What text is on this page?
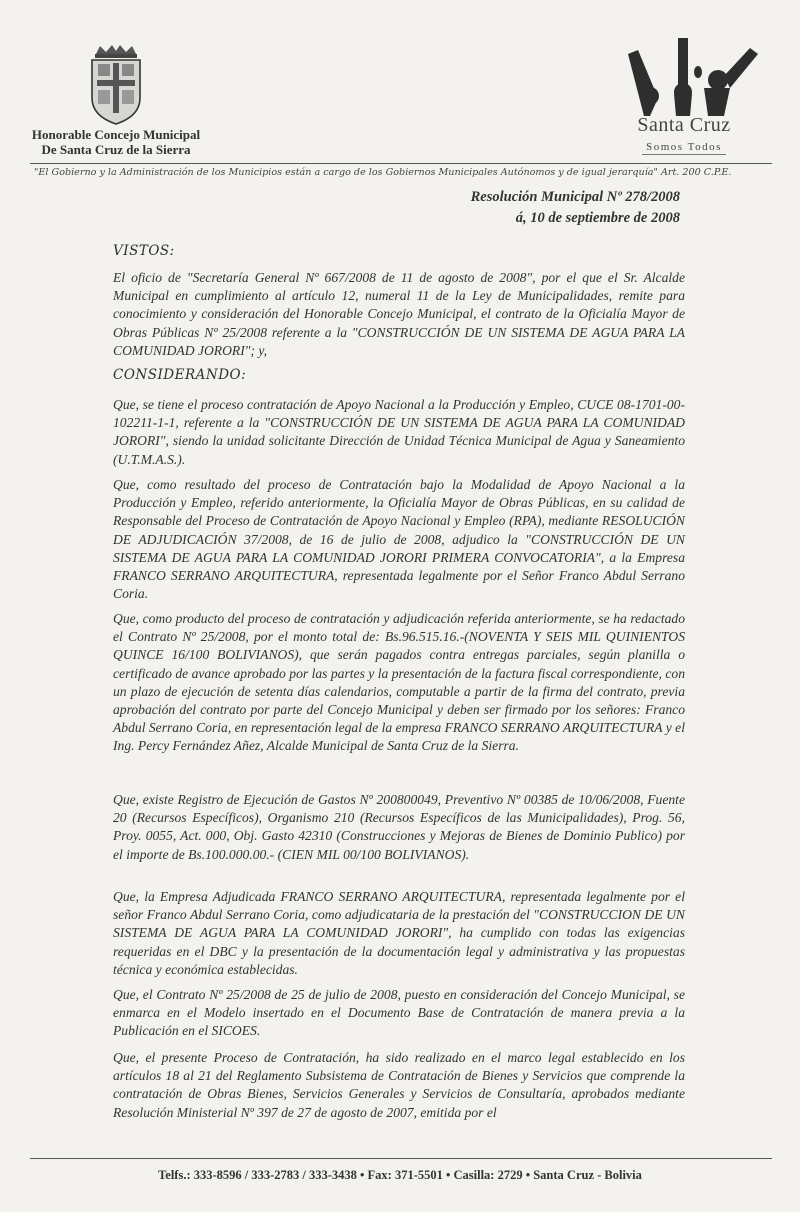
Honorable Concejo Municipal
De Santa Cruz de la Sierra
Santa Cruz
Somos Todos
"El Gobierno y la Administración de los Municipios están a cargo de los Gobiernos Municipales Autónomos y de igual jerarquía" Art. 200 C.P.E.
Resolución Municipal Nº 278/2008
á, 10 de septiembre de 2008
VISTOS:
El oficio de "Secretaría General Nº 667/2008 de 11 de agosto de 2008", por el que el Sr. Alcalde Municipal en cumplimiento al artículo 12, numeral 11 de la Ley de Municipalidades, remite para conocimiento y consideración del Honorable Concejo Municipal, el contrato de la Oficialía Mayor de Obras Públicas Nº 25/2008 referente a la "CONSTRUCCIÓN DE UN SISTEMA DE AGUA PARA LA COMUNIDAD JORORI"; y,
CONSIDERANDO:
Que, se tiene el proceso contratación de Apoyo Nacional a la Producción y Empleo, CUCE 08-1701-00-102211-1-1, referente a la "CONSTRUCCIÓN DE UN SISTEMA DE AGUA PARA LA COMUNIDAD JORORI", siendo la unidad solicitante Dirección de Unidad Técnica Municipal de Agua y Saneamiento (U.T.M.A.S.).
Que, como resultado del proceso de Contratación bajo la Modalidad de Apoyo Nacional a la Producción y Empleo, referido anteriormente, la Oficialía Mayor de Obras Públicas, en su calidad de Responsable del Proceso de Contratación de Apoyo Nacional y Empleo (RPA), mediante RESOLUCIÓN DE ADJUDICACIÓN 37/2008, de 16 de julio de 2008, adjudico la "CONSTRUCCIÓN DE UN SISTEMA DE AGUA PARA LA COMUNIDAD JORORI PRIMERA CONVOCATORIA", a la Empresa FRANCO SERRANO ARQUITECTURA, representada legalmente por el Señor Franco Abdul Serrano Coria.
Que, como producto del proceso de contratación y adjudicación referida anteriormente, se ha redactado el Contrato Nº 25/2008, por el monto total de: Bs.96.515.16.-(NOVENTA Y SEIS MIL QUINIENTOS QUINCE 16/100 BOLIVIANOS), que serán pagados contra entregas parciales, según planilla o certificado de avance aprobado por las partes y la presentación de la factura fiscal correspondiente, con un plazo de ejecución de setenta días calendarios, computable a partir de la firma del contrato, previa aprobación del contrato por parte del Concejo Municipal y deben ser firmado por los señores: Franco Abdul Serrano Coria, en representación legal de la empresa FRANCO SERRANO ARQUITECTURA y el Ing. Percy Fernández Añez, Alcalde Municipal de Santa Cruz de la Sierra.
Que, existe Registro de Ejecución de Gastos Nº 200800049, Preventivo Nº 00385 de 10/06/2008, Fuente 20 (Recursos Específicos), Organismo 210 (Recursos Específicos de las Municipalidades), Prog. 56, Proy. 0055, Act. 000, Obj. Gasto 42310 (Construcciones y Mejoras de Bienes de Dominio Publico) por el importe de Bs.100.000.00.- (CIEN MIL 00/100 BOLIVIANOS).
Que, la Empresa Adjudicada FRANCO SERRANO ARQUITECTURA, representada legalmente por el señor Franco Abdul Serrano Coria, como adjudicataria de la prestación del "CONSTRUCCION DE UN SISTEMA DE AGUA PARA LA COMUNIDAD JORORI", ha cumplido con todas las exigencias requeridas en el DBC y la presentación de la documentación legal y administrativa y las propuestas técnica y económica establecidas.
Que, el Contrato Nº 25/2008 de 25 de julio de 2008, puesto en consideración del Concejo Municipal, se enmarca en el Modelo insertado en el Documento Base de Contratación de manera previa a la Publicación en el SICOES.
Que, el presente Proceso de Contratación, ha sido realizado en el marco legal establecido en los artículos 18 al 21 del Reglamento Subsistema de Contratación de Bienes y Servicios que comprende la contratación de Obras Bienes, Servicios Generales y Servicios de Consultaría, aprobados mediante Resolución Ministerial Nº 397 de 27 de agosto de 2007, emitida por el
Telfs.: 333-8596 / 333-2783 / 333-3438 • Fax: 371-5501 • Casilla: 2729 • Santa Cruz - Bolivia
